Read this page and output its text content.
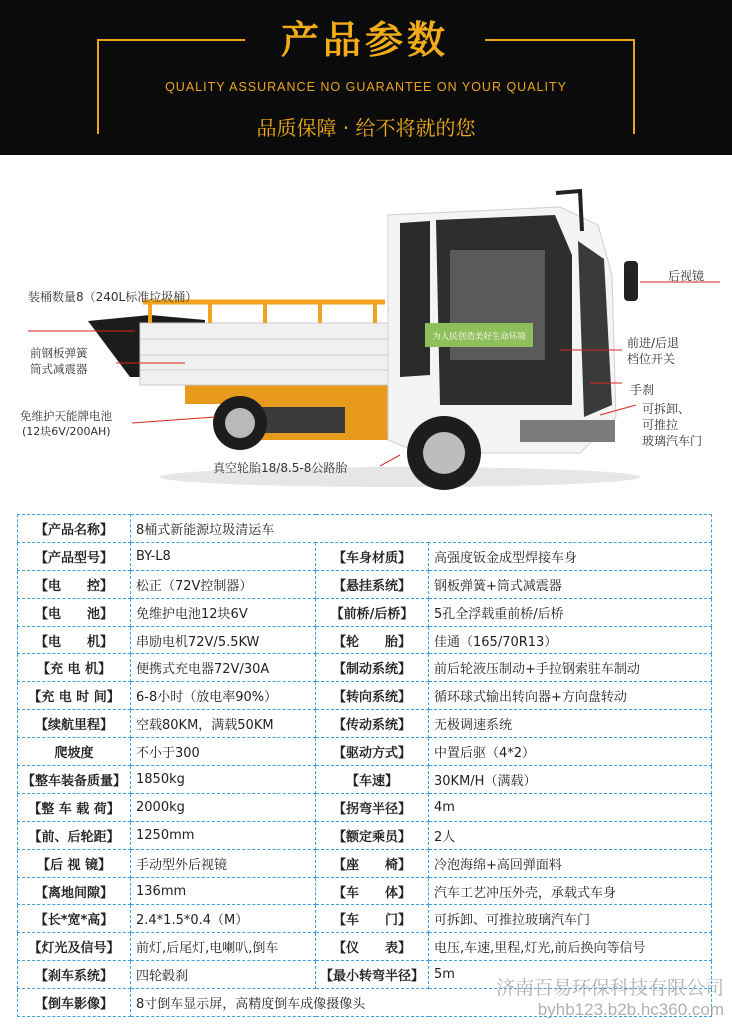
产品参数
QUALITY ASSURANCE NO GUARANTEE ON YOUR QUALITY
品质保障 · 给不将就的您
为人民创造美好生命环境
装桶数量8（240L标准垃圾桶）
前钢板弹簧
筒式减震器
免维护天能牌电池
(12块6V/200AH)
真空轮胎18/8.5-8公路胎
后视镜
前进/后退
档位开关
手刹
可拆卸、
可推拉
玻璃汽车门
【产品名称】	8桶式新能源垃圾清运车		
【产品型号】	BY-L8	【车身材质】	高强度钣金成型焊接车身
【电　　控】	松正（72V控制器）	【悬挂系统】	钢板弹簧+筒式减震器
【电　　池】	免维护电池12块6V	【前桥/后桥】	5孔全浮载重前桥/后桥
【电　　机】	串励电机72V/5.5KW	【轮　　胎】	佳通（165/70R13）
【充 电 机】	便携式充电器72V/30A	【制动系统】	前后轮液压制动+手拉钢索驻车制动
【充 电 时 间】	6-8小时（放电率90%）	【转向系统】	循环球式输出转向器+方向盘转动
【续航里程】	空载80KM，满载50KM	【传动系统】	无极调速系统
爬坡度	不小于300	【驱动方式】	中置后驱（4*2）
【整车装备质量】	1850kg	【车速】	30KM/H（满载）
【整 车 载 荷】	2000kg	【拐弯半径】	4m
【前、后轮距】	1250mm	【额定乘员】	2人
【后 视 镜】	手动型外后视镜	【座　　椅】	冷泡海绵+高回弹面料
【离地间隙】	136mm	【车　　体】	汽车工艺冲压外壳，承载式车身
【长*宽*高】	2.4*1.5*0.4（M）	【车　　门】	可拆卸、可推拉玻璃汽车门
【灯光及信号】	前灯,后尾灯,电喇叭,倒车	【仪　　表】	电压,车速,里程,灯光,前后换向等信号
【刹车系统】	四轮毂刹	【最小转弯半径】	5m
【倒车影像】	8寸倒车显示屏，高精度倒车成像摄像头		
济南百易环保科技有限公司
byhb123.b2b.hc360.com
